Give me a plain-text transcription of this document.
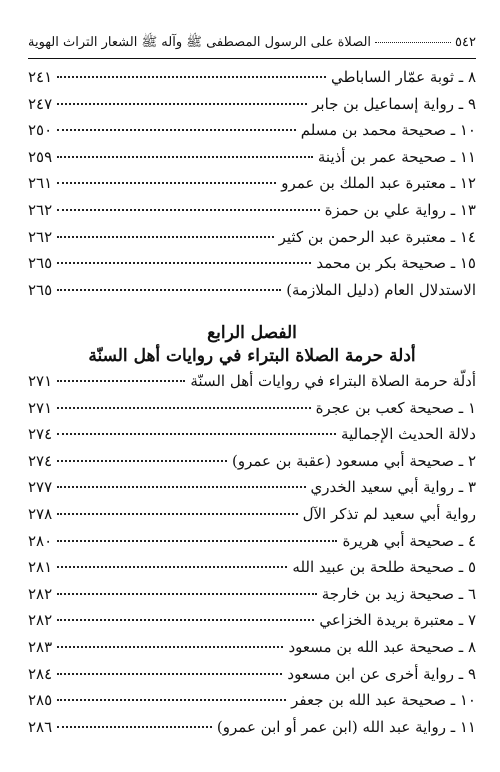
٥٤٢
الصلاة على الرسول المصطفى ﷺ وآله ﷺ الشعار التراث الهوية
٨ ـ ثوبة عمّار الساباطي
٢٤١
٩ ـ رواية إسماعيل بن جابر
٢٤٧
١٠ ـ صحيحة محمد بن مسلم
٢٥٠
١١ ـ صحيحة عمر بن أذينة
٢٥٩
١٢ ـ معتبرة عبد الملك بن عمرو
٢٦١
١٣ ـ رواية علي بن حمزة
٢٦٢
١٤ ـ معتبرة عبد الرحمن بن كثير
٢٦٢
١٥ ـ صحيحة بكر بن محمد
٢٦٥
الاستدلال العام (دليل الملازمة)
٢٦٥
الفصل الرابع
أدلة حرمة الصلاة البتراء في روايات أهل السنّة
أدلّة حرمة الصلاة البتراء في روايات أهل السنّة
٢٧١
١ ـ صحيحة كعب بن عجرة
٢٧١
دلالة الحديث الإجمالية
٢٧٤
٢ ـ صحيحة أبي مسعود (عقبة بن عمرو)
٢٧٤
٣ ـ رواية أبي سعيد الخدري
٢٧٧
رواية أبي سعيد لم تذكر الآل
٢٧٨
٤ ـ صحيحة أبي هريرة
٢٨٠
٥ ـ صحيحة طلحة بن عبيد الله
٢٨١
٦ ـ صحيحة زيد بن خارجة
٢٨٢
٧ ـ معتبرة بريدة الخزاعي
٢٨٢
٨ ـ صحيحة عبد الله بن مسعود
٢٨٣
٩ ـ رواية أخرى عن ابن مسعود
٢٨٤
١٠ ـ صحيحة عبد الله بن جعفر
٢٨٥
١١ ـ رواية عبد الله (ابن عمر أو ابن عمرو)
٢٨٦
